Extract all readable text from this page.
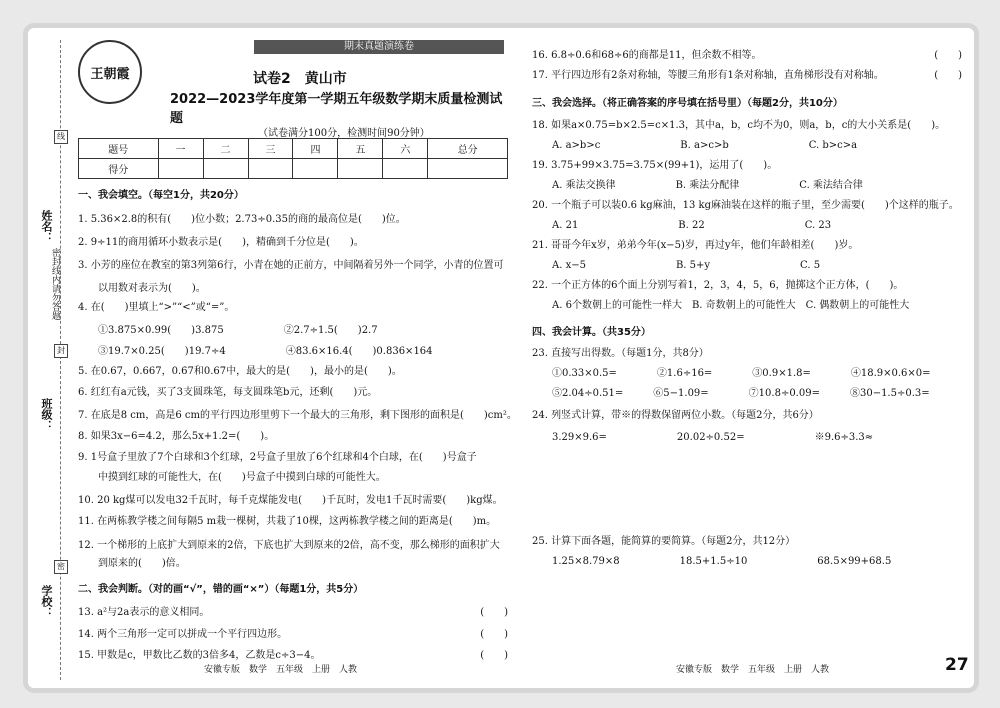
姓名：
班级：
学校：
密封线内请勿答题
线
封
密
期末真题演练卷
王朝霞	试卷2　黄山市
2022—2023学年度第一学期五年级数学期末质量检测试题
（试卷满分100分，检测时间90分钟）
题号	一	二	三	四	五	六	总分
得分							
一、我会填空。（每空1分，共20分）
1. 5.36×2.8的积有(　　)位小数；2.73÷0.35的商的最高位是(　　)位。
2. 9÷11的商用循环小数表示是(　　)，精确到千分位是(　　)。
3. 小芳的座位在教室的第3列第6行，小青在她的正前方，中间隔着另外一个同学，小青的位置可
　　以用数对表示为(　　)。
4. 在(　　)里填上“>”“<”或“=”。
　　①3.875×0.99(　　)3.875　　　　　　②2.7÷1.5(　　)2.7
　　③19.7×0.25(　　)19.7÷4　　　　　　④83.6×16.4(　　)0.836×164
5. 在0.67，0.667，0.6̇7和0.67̇中，最大的是(　　)，最小的是(　　)。
6. 红红有a元钱，买了3支圆珠笔，每支圆珠笔b元，还剩(　　)元。
7. 在底是8 cm，高是6 cm的平行四边形里剪下一个最大的三角形，剩下图形的面积是(　　)cm²。
8. 如果3x−6=4.2，那么5x+1.2=(　　)。
9. 1号盒子里放了7个白球和3个红球，2号盒子里放了6个红球和4个白球，在(　　)号盒子
　　中摸到红球的可能性大，在(　　)号盒子中摸到白球的可能性大。
10. 20 kg煤可以发电32千瓦时，每千克煤能发电(　　)千瓦时，发电1千瓦时需要(　　)kg煤。
11. 在两栋教学楼之间每隔5 m栽一棵树，共栽了10棵，这两栋教学楼之间的距离是(　　)m。
12. 一个梯形的上底扩大到原来的2倍，下底也扩大到原来的2倍，高不变，那么梯形的面积扩大
　　到原来的(　　)倍。
二、我会判断。（对的画“√”，错的画“×”）（每题1分，共5分）
13. a²与2a表示的意义相同。	(　　)
14. 两个三角形一定可以拼成一个平行四边形。	(　　)
15. 甲数是c，甲数比乙数的3倍多4，乙数是c÷3−4。	(　　)
16. 6.8÷0.6和68÷6的商都是11，但余数不相等。	(　　)
17. 平行四边形有2条对称轴，等腰三角形有1条对称轴，直角梯形没有对称轴。	(　　)
三、我会选择。（将正确答案的序号填在括号里）（每题2分，共10分）
18. 如果a×0.75=b×2.5=c×1.3，其中a，b，c均不为0，则a，b，c的大小关系是(　　)。
　　A. a>b>c　　　　　　　　B. a>c>b　　　　　　　　C. b>c>a
19. 3.75+99×3.75=3.75×(99+1)，运用了(　　)。
　　A. 乘法交换律　　　　　　B. 乘法分配律　　　　　　C. 乘法结合律
20. 一个瓶子可以装0.6 kg麻油，13 kg麻油装在这样的瓶子里，至少需要(　　)个这样的瓶子。
　　A. 21　　　　　　　　　　B. 22　　　　　　　　　　C. 23
21. 哥哥今年x岁，弟弟今年(x−5)岁，再过y年，他们年龄相差(　　)岁。
　　A. x−5　　　　　　　　　B. 5+y　　　　　　　　　C. 5
22. 一个正方体的6个面上分别写着1，2，3，4，5，6，抛掷这个正方体，(　　)。
　　A. 6个数朝上的可能性一样大　B. 奇数朝上的可能性大　C. 偶数朝上的可能性大
四、我会计算。（共35分）
23. 直接写出得数。（每题1分，共8分）
　　①0.33×0.5=　　　　②1.6÷16=　　　　③0.9×1.8=　　　　④18.9×0.6×0=
　　⑤2.04÷0.51=　　　⑥5−1.09=　　　　⑦10.8÷0.09=　　　⑧30−1.5÷0.3=
24. 列竖式计算，带※的得数保留两位小数。（每题2分，共6分）
　　3.29×9.6=　　　　　　　20.02÷0.52=　　　　　　　※9.6÷3.3≈
25. 计算下面各题，能简算的要简算。（每题2分，共12分）
　　1.25×8.79×8　　　　　　18.5+1.5÷10　　　　　　　68.5×99+68.5
安徽专版　数学　五年级　上册　人教	安徽专版　数学　五年级　上册　人教	27
